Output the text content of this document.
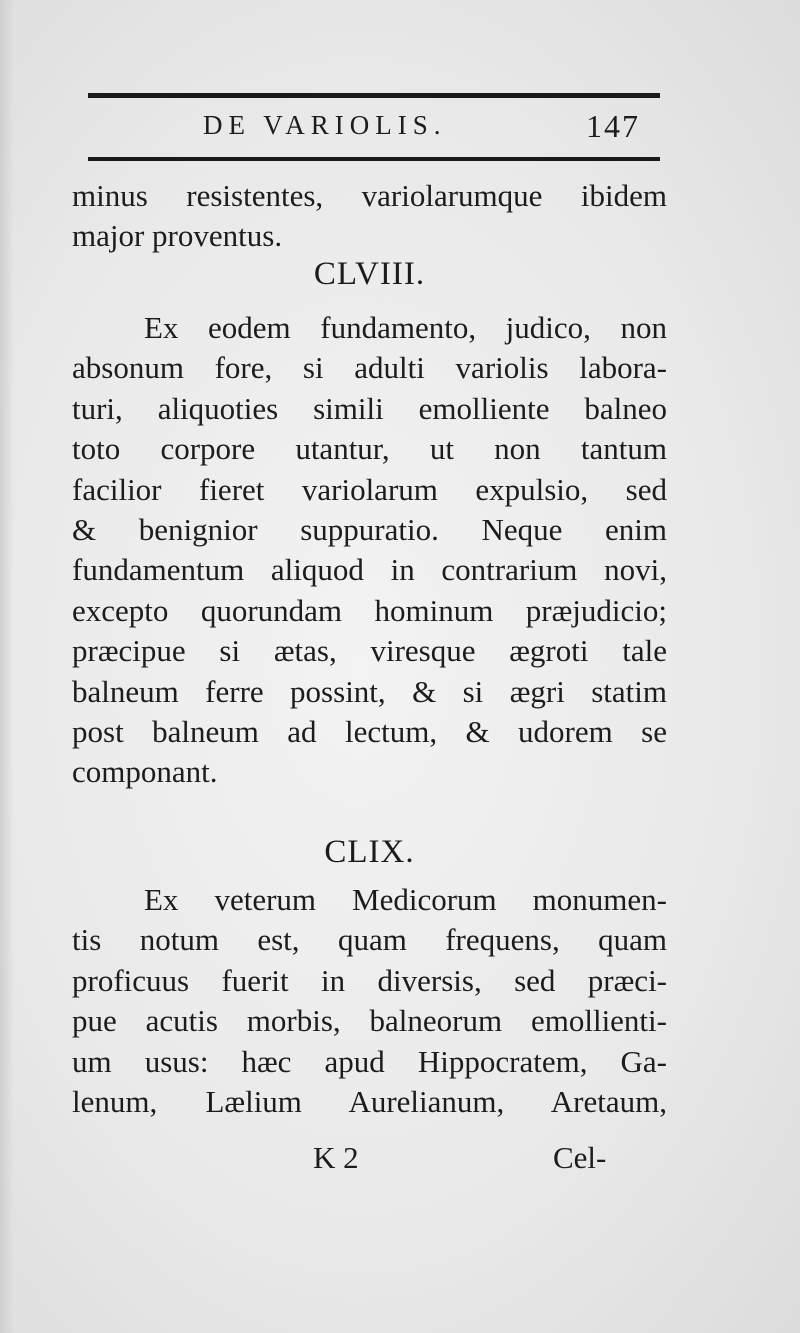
DE VARIOLIS.	147
minus resistentes, variolarumque ibidem
major proventus.
CLVIII.
Ex eodem fundamento, judico, non
absonum fore, si adulti variolis labora-
turi, aliquoties simili emolliente balneo
toto corpore utantur, ut non tantum
facilior fieret variolarum expulsio, sed
& benignior suppuratio. Neque enim
fundamentum aliquod in contrarium novi,
excepto quorundam hominum præjudicio;
præcipue si ætas, viresque ægroti tale
balneum ferre possint, & si ægri statim
post balneum ad lectum, & udorem se
componant.
CLIX.
Ex veterum Medicorum monumen-
tis notum est, quam frequens, quam
proficuus fuerit in diversis, sed præci-
pue acutis morbis, balneorum emollienti-
um usus: hæc apud Hippocratem, Ga-
lenum, Lælium Aurelianum, Aretaum,
K 2	Cel-
